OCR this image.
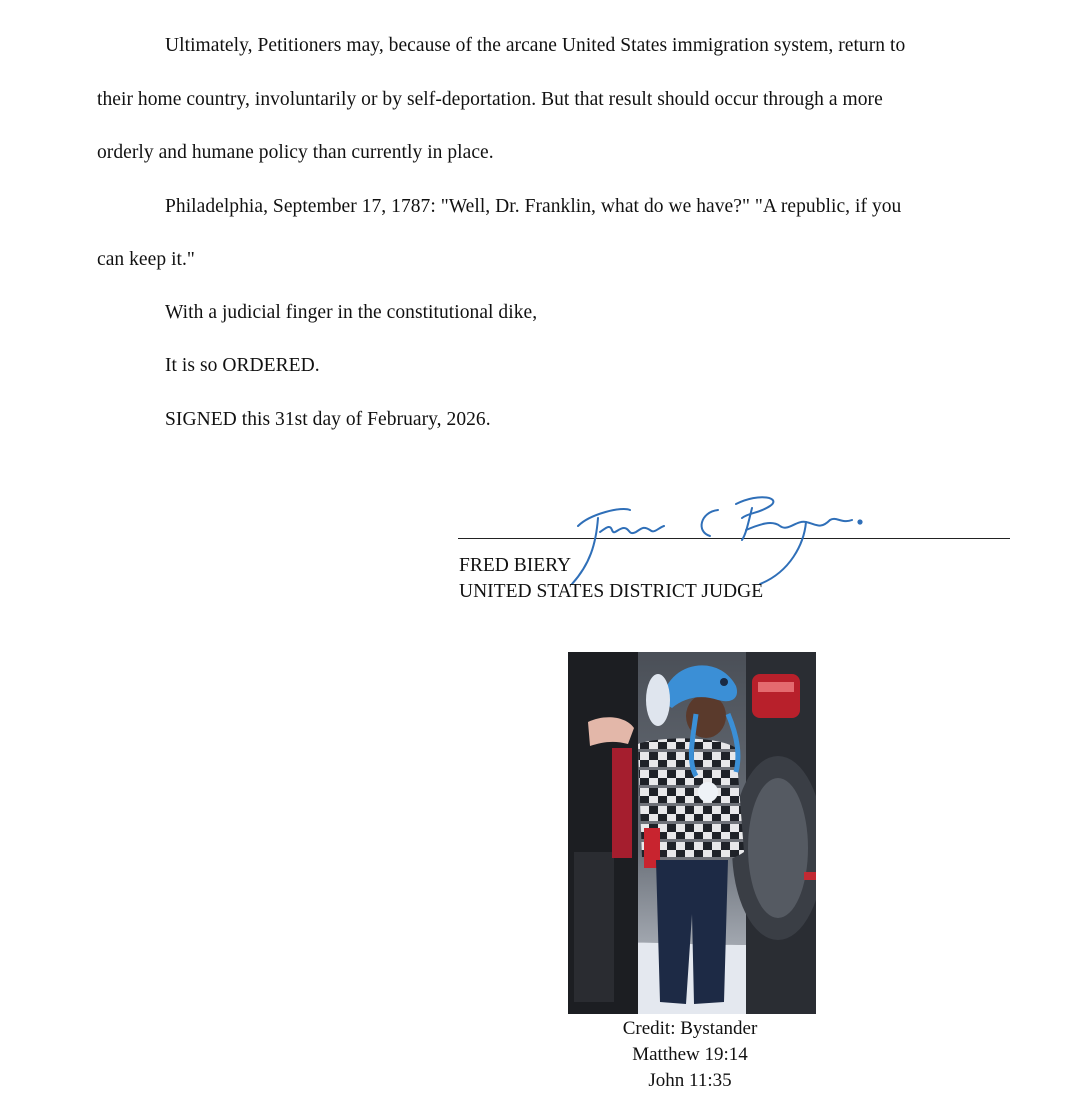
Ultimately, Petitioners may, because of the arcane United States immigration system, return to
their home country, involuntarily or by self-deportation. But that result should occur through a more
orderly and humane policy than currently in place.
Philadelphia, September 17, 1787: "Well, Dr. Franklin, what do we have?" "A republic, if you
can keep it."
With a judicial finger in the constitutional dike,
It is so ORDERED.
SIGNED this 31st day of February, 2026.
FRED BIERY
UNITED STATES DISTRICT JUDGE
Credit: Bystander
Matthew 19:14
John 11:35
